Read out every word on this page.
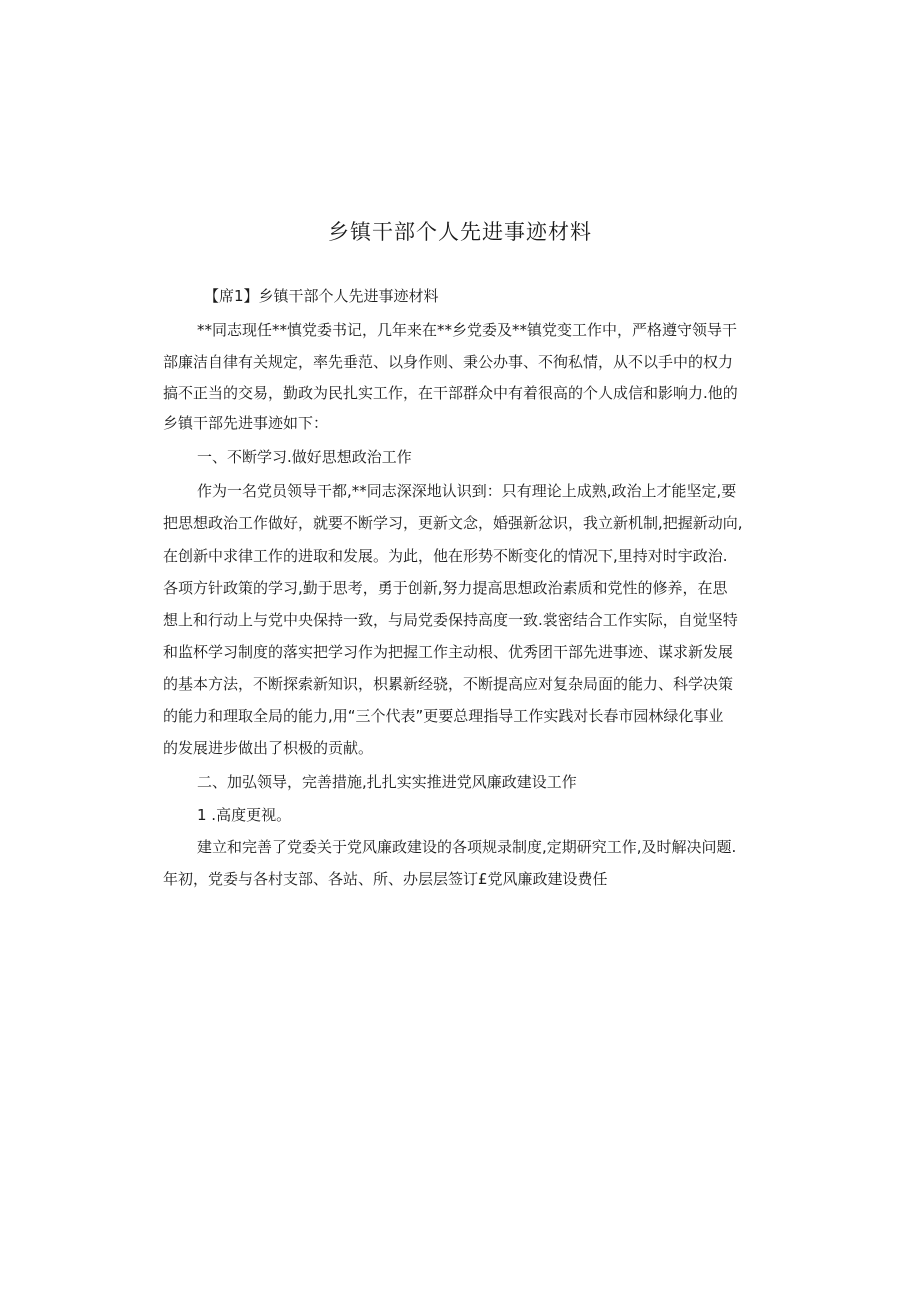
乡镇干部个人先进事迹材料
【席1】乡镇干部个人先进事迹材料
**同志现任**慎党委书记，几年来在**乡党委及**镇党变工作中，严格遵守领导干
部廉洁自律有关规定，率先垂范、以身作则、秉公办事、不徇私情，从不以手中的权力
搞不正当的交易，勤政为民扎实工作，在干部群众中有着很高的个人成信和影响力.他的
乡镇干部先进事迹如下：
一、不断学习.做好思想政治工作
作为一名党员领导干都,**同志深深地认识到：只有理论上成熟,政治上才能坚定,要
把思想政治工作做好，就要不断学习，更新文念，婚强新忿识，我立新机制,把握新动向,
在创新中求律工作的进取和发展。为此，他在形势不断变化的情况下,里持对时宇政治.
各项方针政策的学习,勤于思考，勇于创新,努力提高思想政治素质和党性的修养，在思
想上和行动上与党中央保持一致，与局党委保持高度一致.裳密结合工作实际，自觉坚特
和监杯学习制度的落实把学习作为把握工作主动根、优秀团干部先进事迹、谋求新发展
的基本方法，不断探索新知识，枳累新经骁，不断提高应对复杂局面的能力、科学决策
的能力和理取全局的能力,用“三个代表”更要总理指导工作实践对长春市园林绿化事业
的发展进步做出了枳极的贡献。
二、加弘领导，完善措施,扎扎实实推进党风廉政建设工作
1 .高度更视。
建立和完善了党委关于党风廉政建设的各项规录制度,定期研究工作,及时解决问题.
年初，党委与各村支部、各站、所、办层层签订£党风廉政建设费任
